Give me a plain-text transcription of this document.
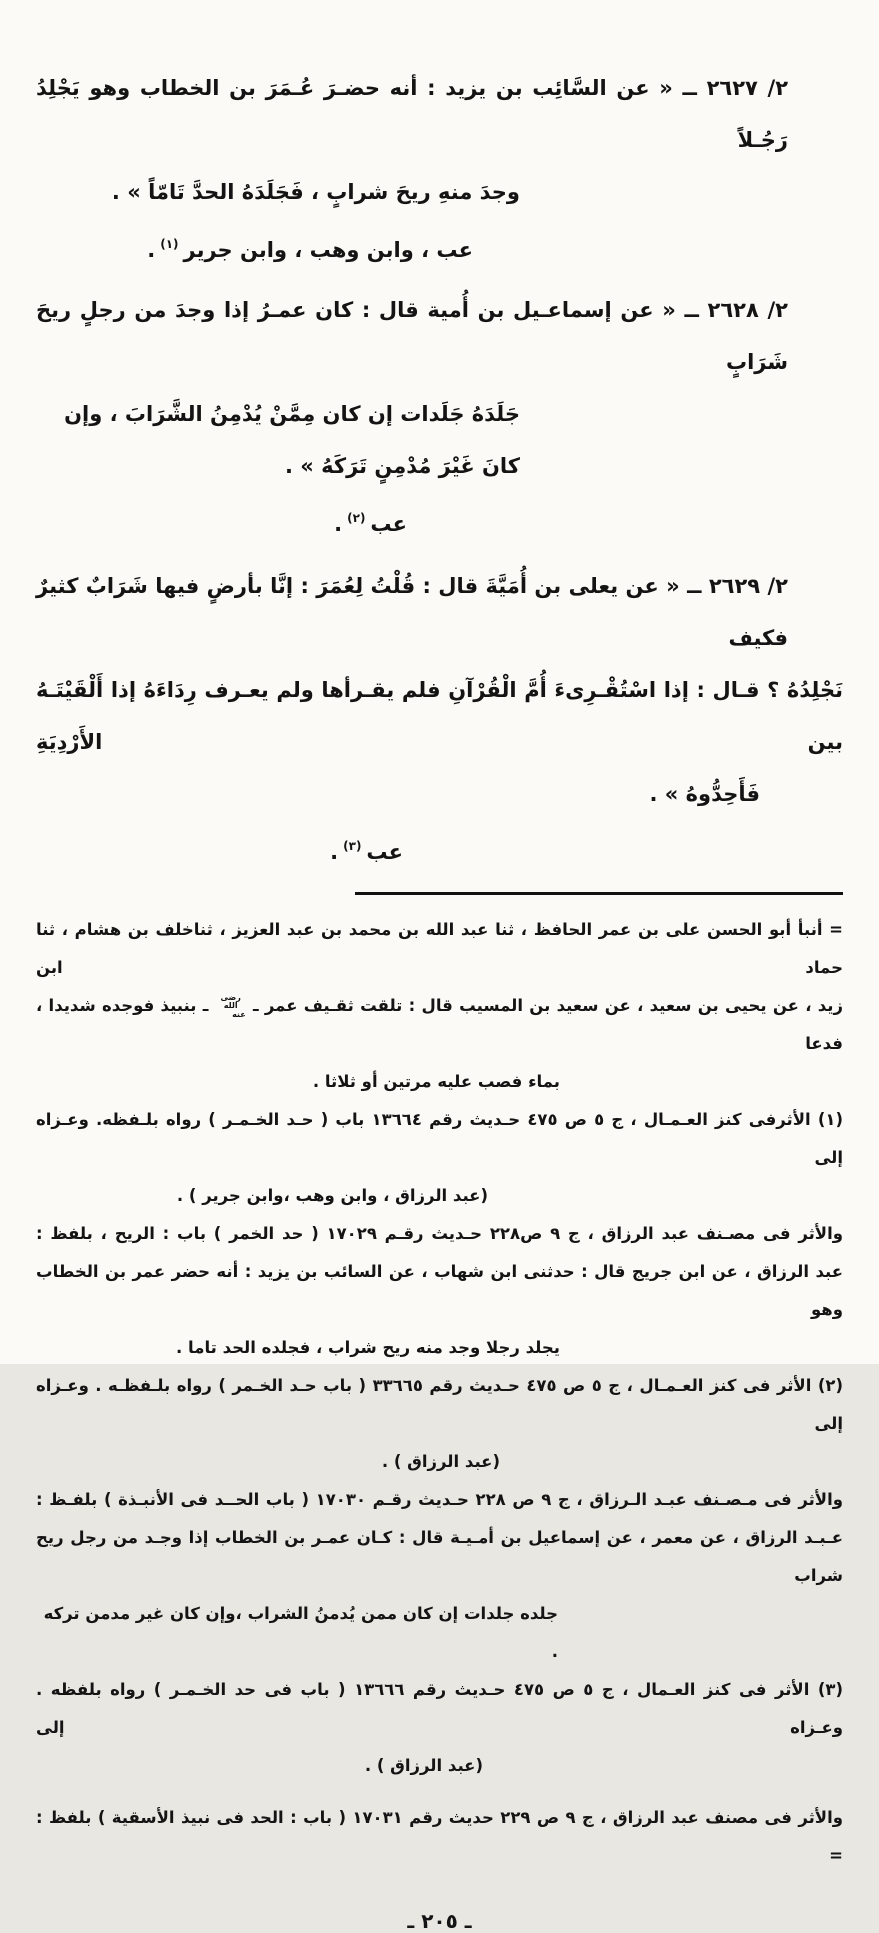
٢/ ٢٦٢٧ ــ « عن السَّائِب بن يزيد : أنه حضـرَ عُـمَرَ بن الخطاب وهو يَجْلِدُ رَجُـلاً
وجدَ منهِ ريحَ شرابٍ ، فَجَلَدَهُ الحدَّ تَامّاً » .
عب ، وابن وهب ، وابن جرير$^{(١)}$.
٢/ ٢٦٢٨ ــ « عن إسماعـيل بن أُمية قال : كان عمـرُ إذا وجدَ من رجلٍ ريحَ شَرَابٍ
جَلَدَهُ جَلَدات إن كان مِمَّنْ يُدْمِنُ الشَّرَابَ ، وإن كانَ غَيْرَ مُدْمِنٍ تَرَكَهُ » .
عب$^{(٢)}$.
٢/ ٢٦٢٩ ــ « عن يعلى بن أُمَيَّةَ قال : قُلْتُ لِعُمَرَ : إنَّا بأرضٍ فيها شَرَابٌ كثيرٌ فكيف
نَجْلِدُهُ ؟ قـال : إذا اسْتُقْـرِىءَ أُمَّ الْقُرْآنِ فلم يقـرأها ولم يعـرف رِدَاءَهُ إذا أَلْقَيْتَـهُ بين الأَرْدِيَةِ
فَأَحِدُّوهُ » .
عب$^{(٣)}$.
= أنبأ أبو الحسن على بن عمر الحافظ ، ثنا عبد الله بن محمد بن عبد العزيز ، ثناخلف بن هشام ، ثنا حماد ابن
زيد ، عن يحيى بن سعيد ، عن سعيد بن المسيب قال : تلقت ثقـيف عمر ـ رضى الله عنه ـ بنبيذ فوجده شديدا ، فدعا
بماء فصب عليه مرتين أو ثلاثا .
(١) الأثرفى كنز العـمـال ، ج ٥ ص ٤٧٥ حـديث رقم ١٣٦٦٤ باب ( حـد الخـمـر ) رواه بلـفظه. وعـزاه إلى
(عبد الرزاق ، وابن وهب ،وابن جرير ) .
والأثر فى مصـنف عبد الرزاق ، ج ٩ ص٢٢٨ حـديث رقـم ١٧٠٢٩ ( حد الخمر ) باب : الريح ، بلفظ :
عبد الرزاق ، عن ابن جريج قال : حدثنى ابن شهاب ، عن السائب بن يزيد : أنه حضر عمر بن الخطاب وهو
يجلد رجلا وجد منه ريح شراب ، فجلده الحد تاما .
(٢) الأثر فى كنز العـمـال ، ج ٥ ص ٤٧٥ حـديث رقم ٣٣٦٦٥ ( باب حـد الخـمر ) رواه بلـفظـه . وعـزاه إلى
(عبد الرزاق ) .
والأثر فى مـصـنف عبـد الـرزاق ، ج ٩ ص ٢٢٨ حـديث رقـم ١٧٠٣٠ ( باب الحــد فى الأنبـذة ) بلفـظ :
عـبـد الرزاق ، عن معمر ، عن إسماعيل بن أمـيـة قال : كـان عمـر بن الخطاب إذا وجـد من رجل ريح شراب
جلده جلدات إن كان ممن يُدمنُ الشراب ،وإن كان غير مدمن تركه .
(٣) الأثر فى كنز العـمال ، ج ٥ ص ٤٧٥ حـديث رقم ١٣٦٦٦ ( باب فى حد الخـمـر ) رواه بلفظه . وعـزاه إلى
(عبد الرزاق ) .
والأثر فى مصنف عبد الرزاق ، ج ٩ ص ٢٢٩ حديث رقم ١٧٠٣١ ( باب : الحد فى نبيذ الأسقية ) بلفظ : =
ـ ٢٠٥ ـ
